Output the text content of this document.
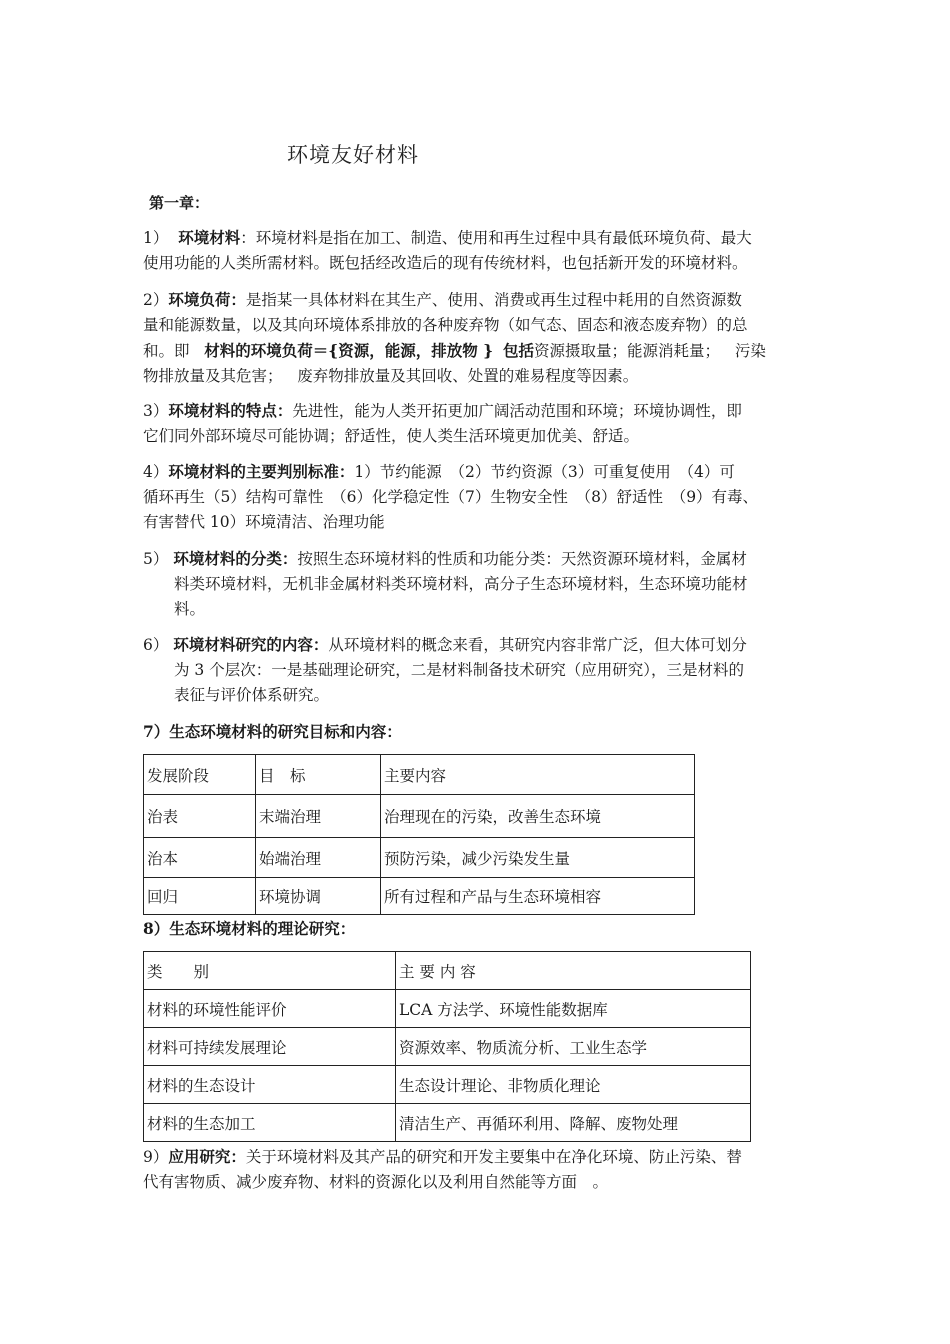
环境友好材料
第一章：
1） 环境材料：环境材料是指在加工、制造、使用和再生过程中具有最低环境负荷、最大
使用功能的人类所需材料。既包括经改造后的现有传统材料，也包括新开发的环境材料。
2）环境负荷：是指某一具体材料在其生产、使用、消费或再生过程中耗用的自然资源数
量和能源数量，以及其向环境体系排放的各种废弃物（如气态、固态和液态废弃物）的总
和。即 材料的环境负荷＝{资源，能源，排放物 } 包括资源摄取量；能源消耗量； 污染
物排放量及其危害； 废弃物排放量及其回收、处置的难易程度等因素。
3）环境材料的特点：先进性，能为人类开拓更加广阔活动范围和环境；环境协调性，即
它们同外部环境尽可能协调；舒适性，使人类生活环境更加优美、舒适。
4）环境材料的主要判别标准：1）节约能源　（2）节约资源（3）可重复使用　（4）可
循环再生（5）结构可靠性　（6）化学稳定性（7）生物安全性　（8）舒适性　（9）有毒、
有害替代 10）环境清洁、治理功能
5） 环境材料的分类：按照生态环境材料的性质和功能分类：天然资源环境材料，金属材
料类环境材料，无机非金属材料类环境材料，高分子生态环境材料，生态环境功能材
料。
6） 环境材料研究的内容：从环境材料的概念来看，其研究内容非常广泛，但大体可划分
为 3 个层次：一是基础理论研究，二是材料制备技术研究（应用研究），三是材料的
表征与评价体系研究。
7）生态环境材料的研究目标和内容：
发展阶段	目　标	主要内容
治表	末端治理	治理现在的污染，改善生态环境
治本	始端治理	预防污染，减少污染发生量
回归	环境协调	所有过程和产品与生态环境相容
8）生态环境材料的理论研究：
类　　别	主 要 内 容
材料的环境性能评价	LCA 方法学、环境性能数据库
材料可持续发展理论	资源效率、物质流分析、工业生态学
材料的生态设计	生态设计理论、非物质化理论
材料的生态加工	清洁生产、再循环利用、降解、废物处理
9）应用研究：关于环境材料及其产品的研究和开发主要集中在净化环境、防止污染、替
代有害物质、减少废弃物、材料的资源化以及利用自然能等方面　。
